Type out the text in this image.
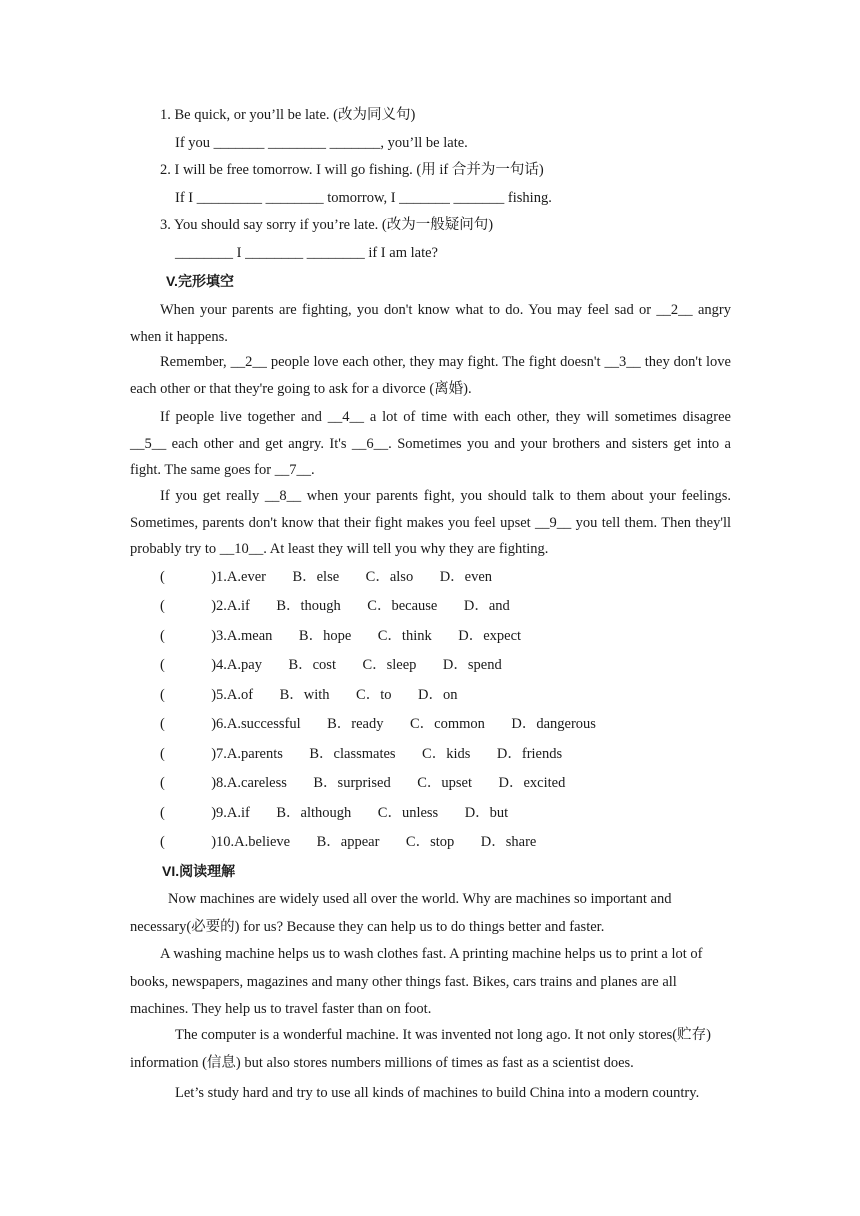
1. Be quick, or you’ll be late. (改为同义句)
If you _______ ________ _______, you’ll be late.
2. I will be free tomorrow. I will go fishing. (用 if 合并为一句话)
If I _________ ________ tomorrow, I _______ _______ fishing.
3. You should say sorry if you’re late. (改为一般疑问句)
________ I ________ ________ if I am late?
V.完形填空
When your parents are fighting, you don't know what to do. You may feel sad or __2__ angry when it happens.
Remember, __2__ people love each other, they may fight. The fight doesn't __3__ they don't love each other or that they're going to ask for a divorce (离婚).
If people live together and __4__ a lot of time with each other, they will sometimes disagree __5__ each other and get angry. It's __6__. Sometimes you and your brothers and sisters get into a fight. The same goes for __7__.
If you get really __8__ when your parents fight, you should talk to them about your feelings. Sometimes, parents don't know that their fight makes you feel upset __9__ you tell them. Then they'll probably try to __10__. At least they will tell you why they are fighting.
(       )1.A.ever    B．else    C．also    D．even
(       )2.A.if    B．though    C．because    D．and
(       )3.A.mean    B．hope    C．think    D．expect
(       )4.A.pay    B．cost    C．sleep    D．spend
(       )5.A.of    B．with    C．to    D．on
(       )6.A.successful    B．ready    C．common    D．dangerous
(       )7.A.parents    B．classmates    C．kids    D．friends
(       )8.A.careless    B．surprised    C．upset    D．excited
(       )9.A.if    B．although    C．unless    D．but
(       )10.A.believe    B．appear    C．stop    D．share
VI.阅读理解
Now machines are widely used all over the world. Why are machines so important and necessary(必要的) for us? Because they can help us to do things better and faster.
A washing machine helps us to wash clothes fast. A printing machine helps us to print a lot of books, newspapers, magazines and many other things fast. Bikes, cars trains and planes are all machines. They help us to travel faster than on foot.
The computer is a wonderful machine. It was invented not long ago. It not only stores(贮存) information (信息) but also stores numbers millions of times as fast as a scientist does.
Let’s study hard and try to use all kinds of machines to build China into a modern country.
